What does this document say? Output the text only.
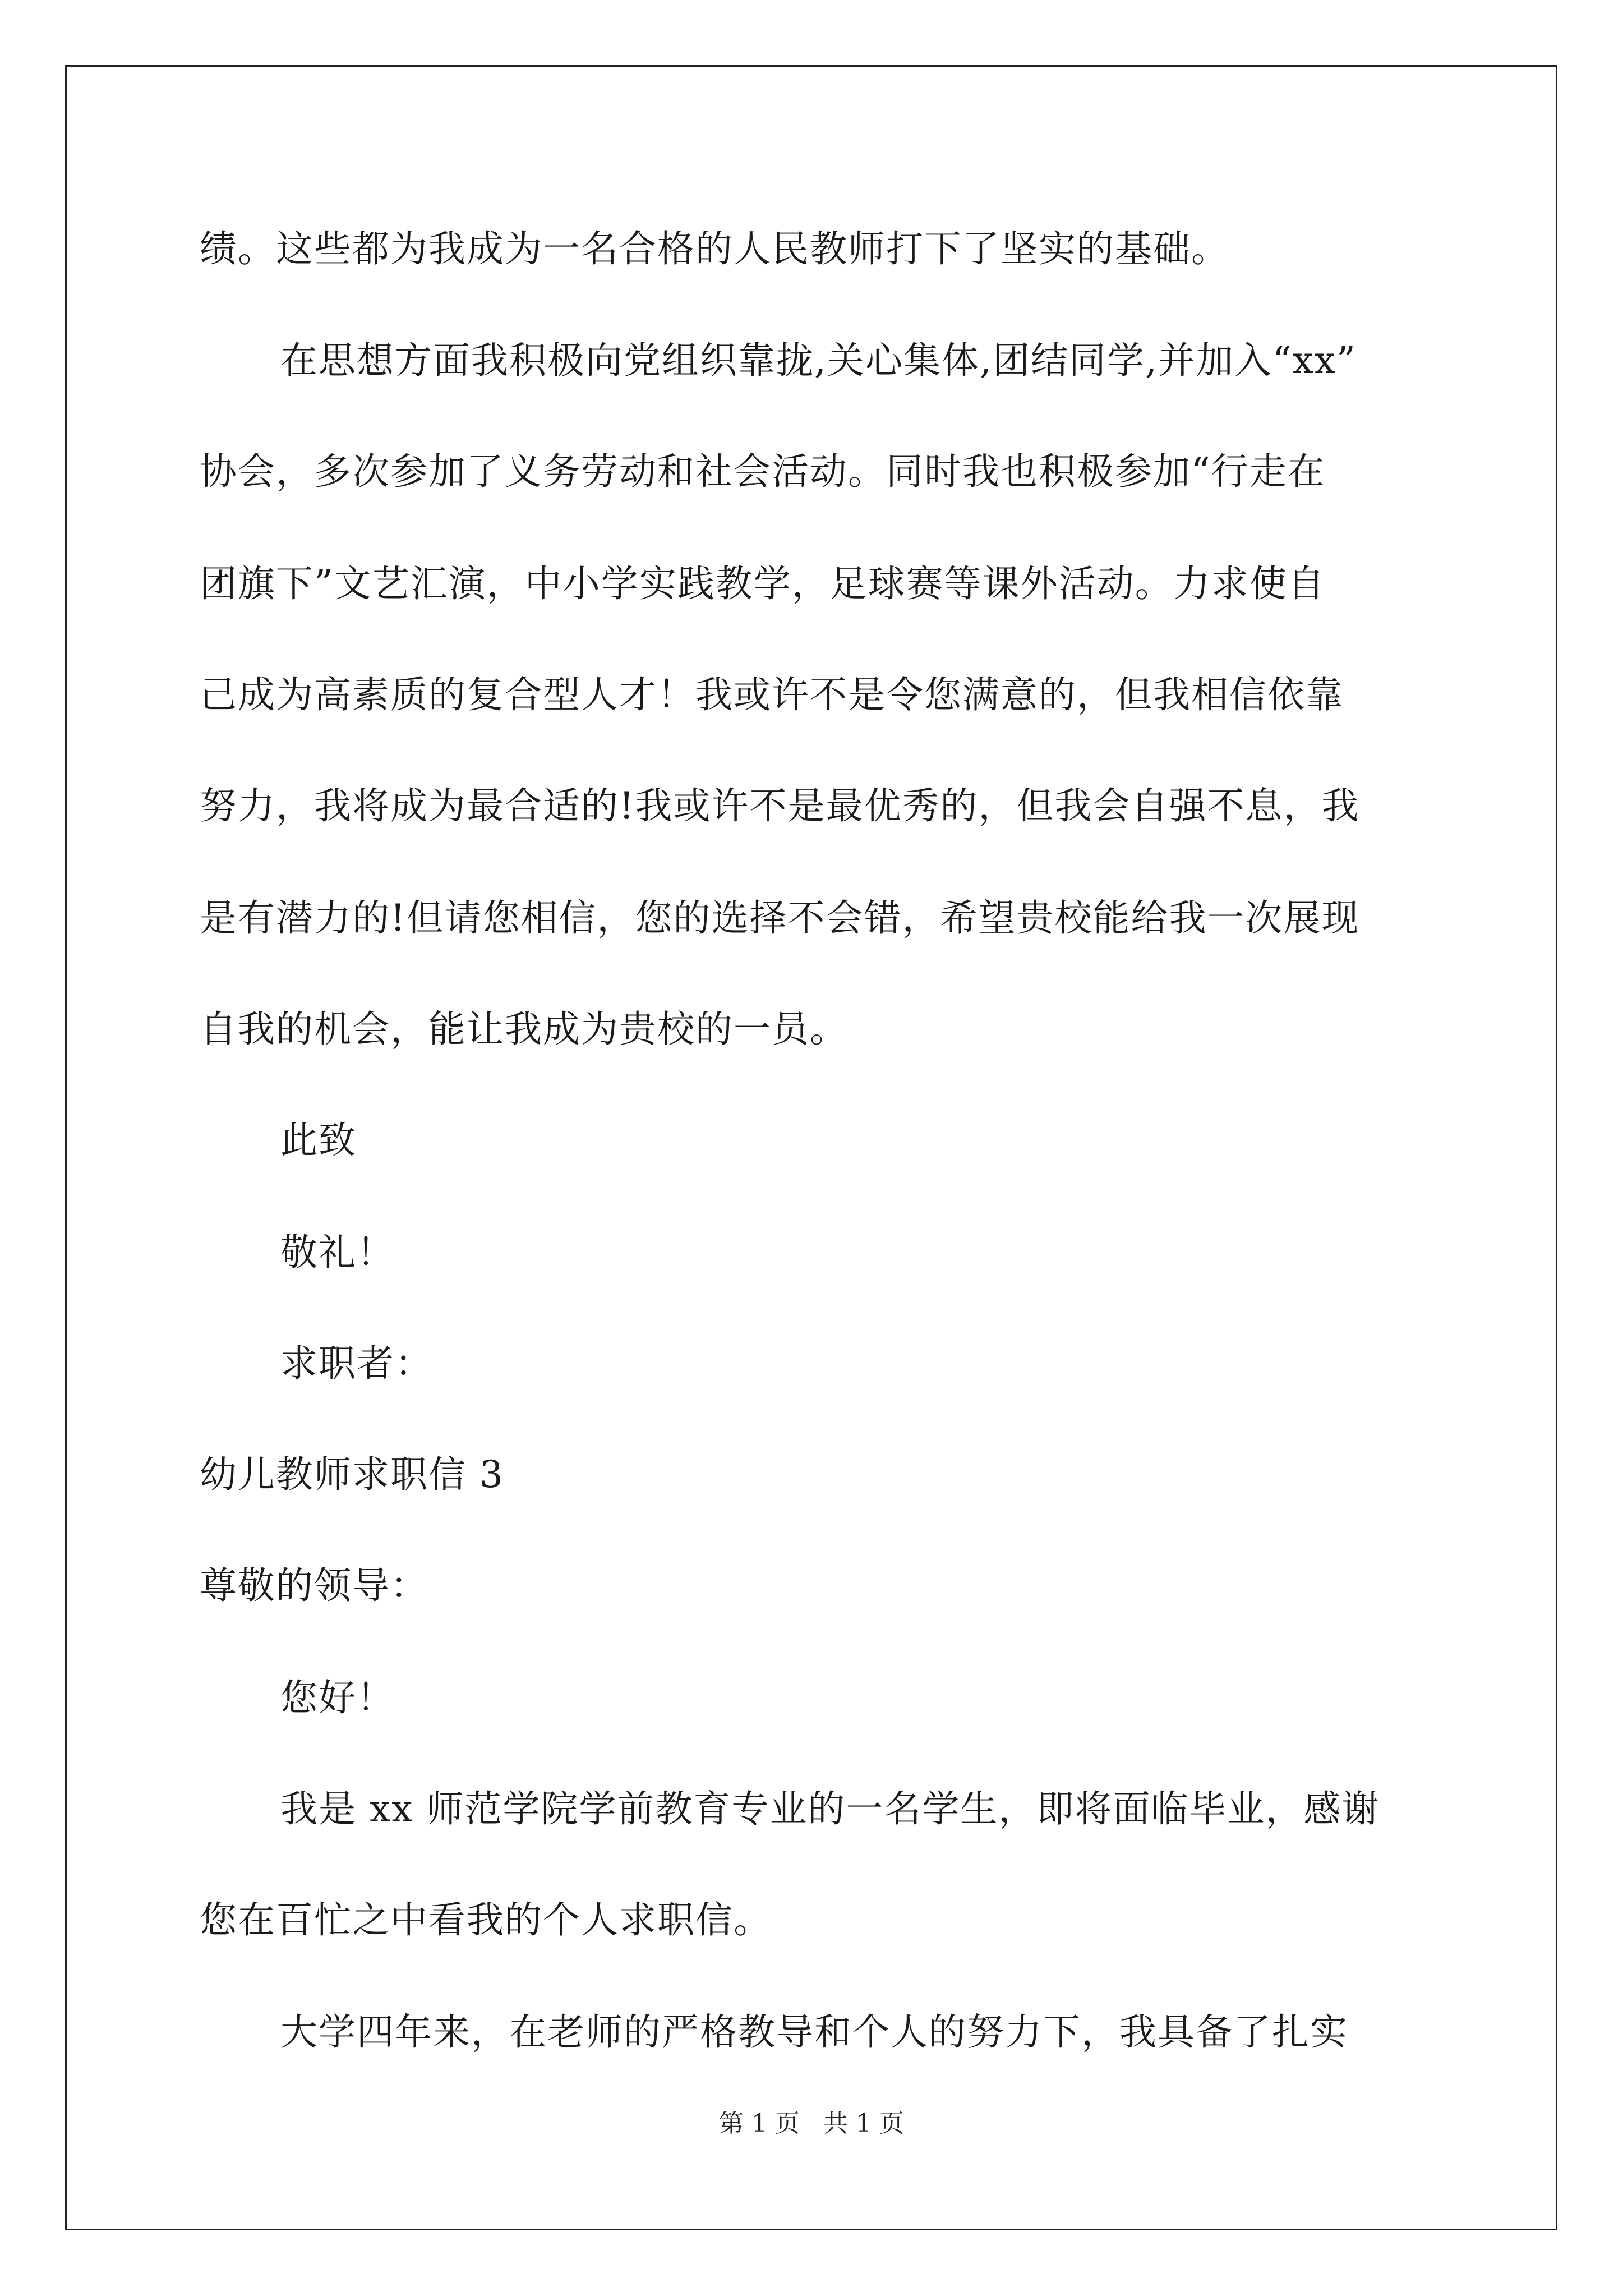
绩。这些都为我成为一名合格的人民教师打下了坚实的基础。
在思想方面我积极向党组织靠拢,关心集体,团结同学,并加入“xx”
协会，多次参加了义务劳动和社会活动。同时我也积极参加“行走在
团旗下”文艺汇演，中小学实践教学，足球赛等课外活动。力求使自
己成为高素质的复合型人才！我或许不是令您满意的，但我相信依靠
努力，我将成为最合适的!我或许不是最优秀的，但我会自强不息，我
是有潜力的!但请您相信，您的选择不会错，希望贵校能给我一次展现
自我的机会，能让我成为贵校的一员。
此致
敬礼！
求职者：
幼儿教师求职信 3
尊敬的领导：
您好！
我是 xx 师范学院学前教育专业的一名学生，即将面临毕业，感谢
您在百忙之中看我的个人求职信。
大学四年来，在老师的严格教导和个人的努力下，我具备了扎实
第 1 页 共 1 页
